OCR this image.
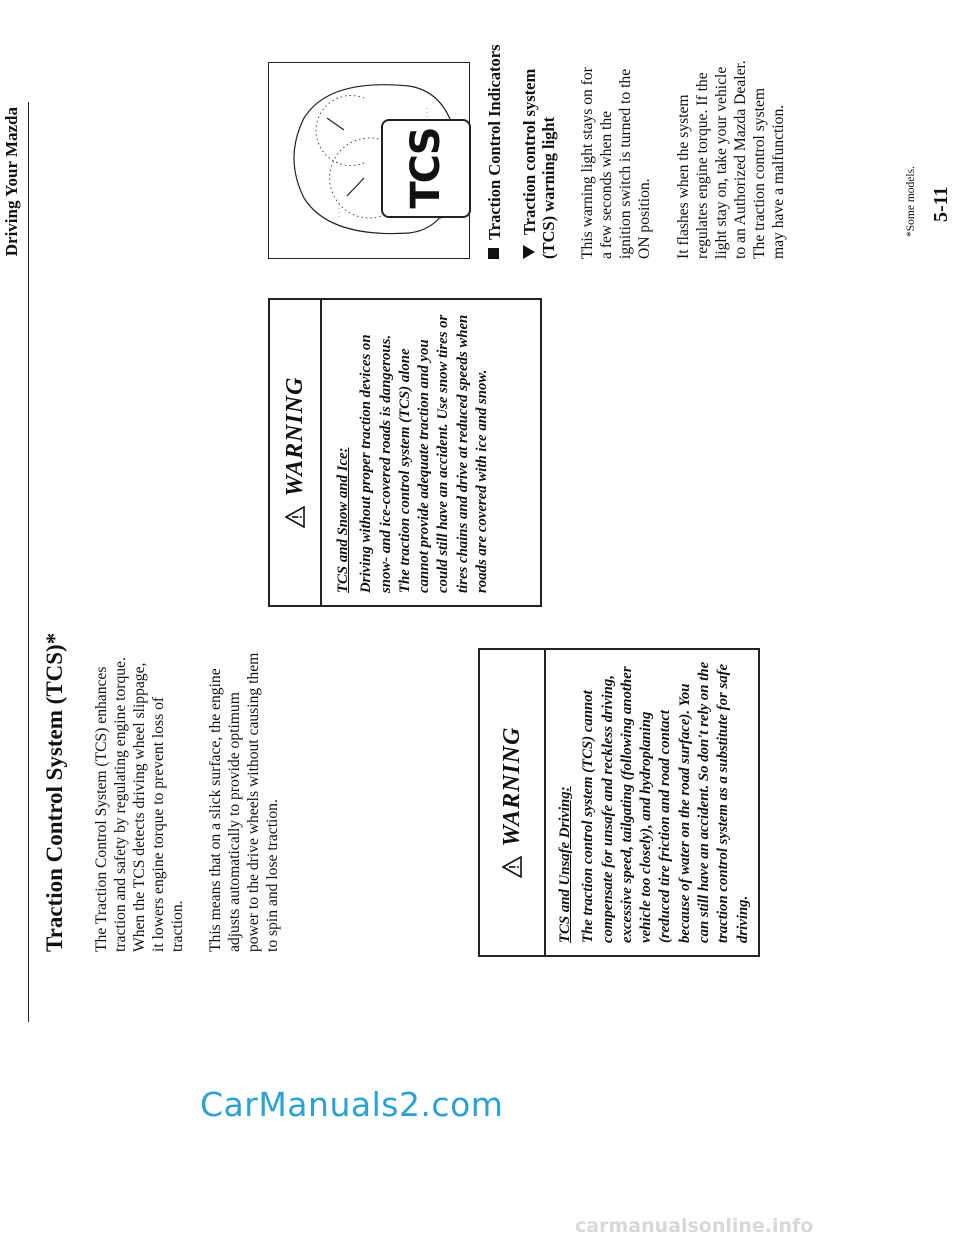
Driving Your Mazda
Traction Control System (TCS)* The Traction Control System (TCS) enhances traction and safety by regulating engine torque. When the TCS detects driving wheel slippage, it lowers engine torque to prevent loss of traction. This means that on a slick surface, the engine adjusts automatically to provide optimum power to the drive wheels without causing them to spin and lose traction.

WARNING TCS and Unsafe Driving: The traction control system (TCS) cannot compensate for unsafe and reckless driving, excessive speed, tailgating (following another vehicle too closely), and hydroplaning (reduced tire friction and road contact because of water on the road surface). You can still have an accident. So don't rely on the traction control system as a substitute for safe driving.
WARNING
TCS and Snow and Ice: Driving without proper traction devices on snow- and ice-covered roads is dangerous. The traction control system (TCS) alone cannot provide adequate traction and you could still have an accident. Use snow tires or tires chains and drive at reduced speeds when roads are covered with ice and snow.
· · ·
· · ·
TCS Traction Control Indicators Traction control system (TCS) warning light This warning light stays on for a few seconds when the ignition switch is turned to the ON position. It flashes when the system regulates engine torque. If the light stay on, take your vehicle to an Authorized Mazda Dealer. The traction control system may have a malfunction.	*Some models. 5-11
CarManuals2.com
carmanualsonline.info
